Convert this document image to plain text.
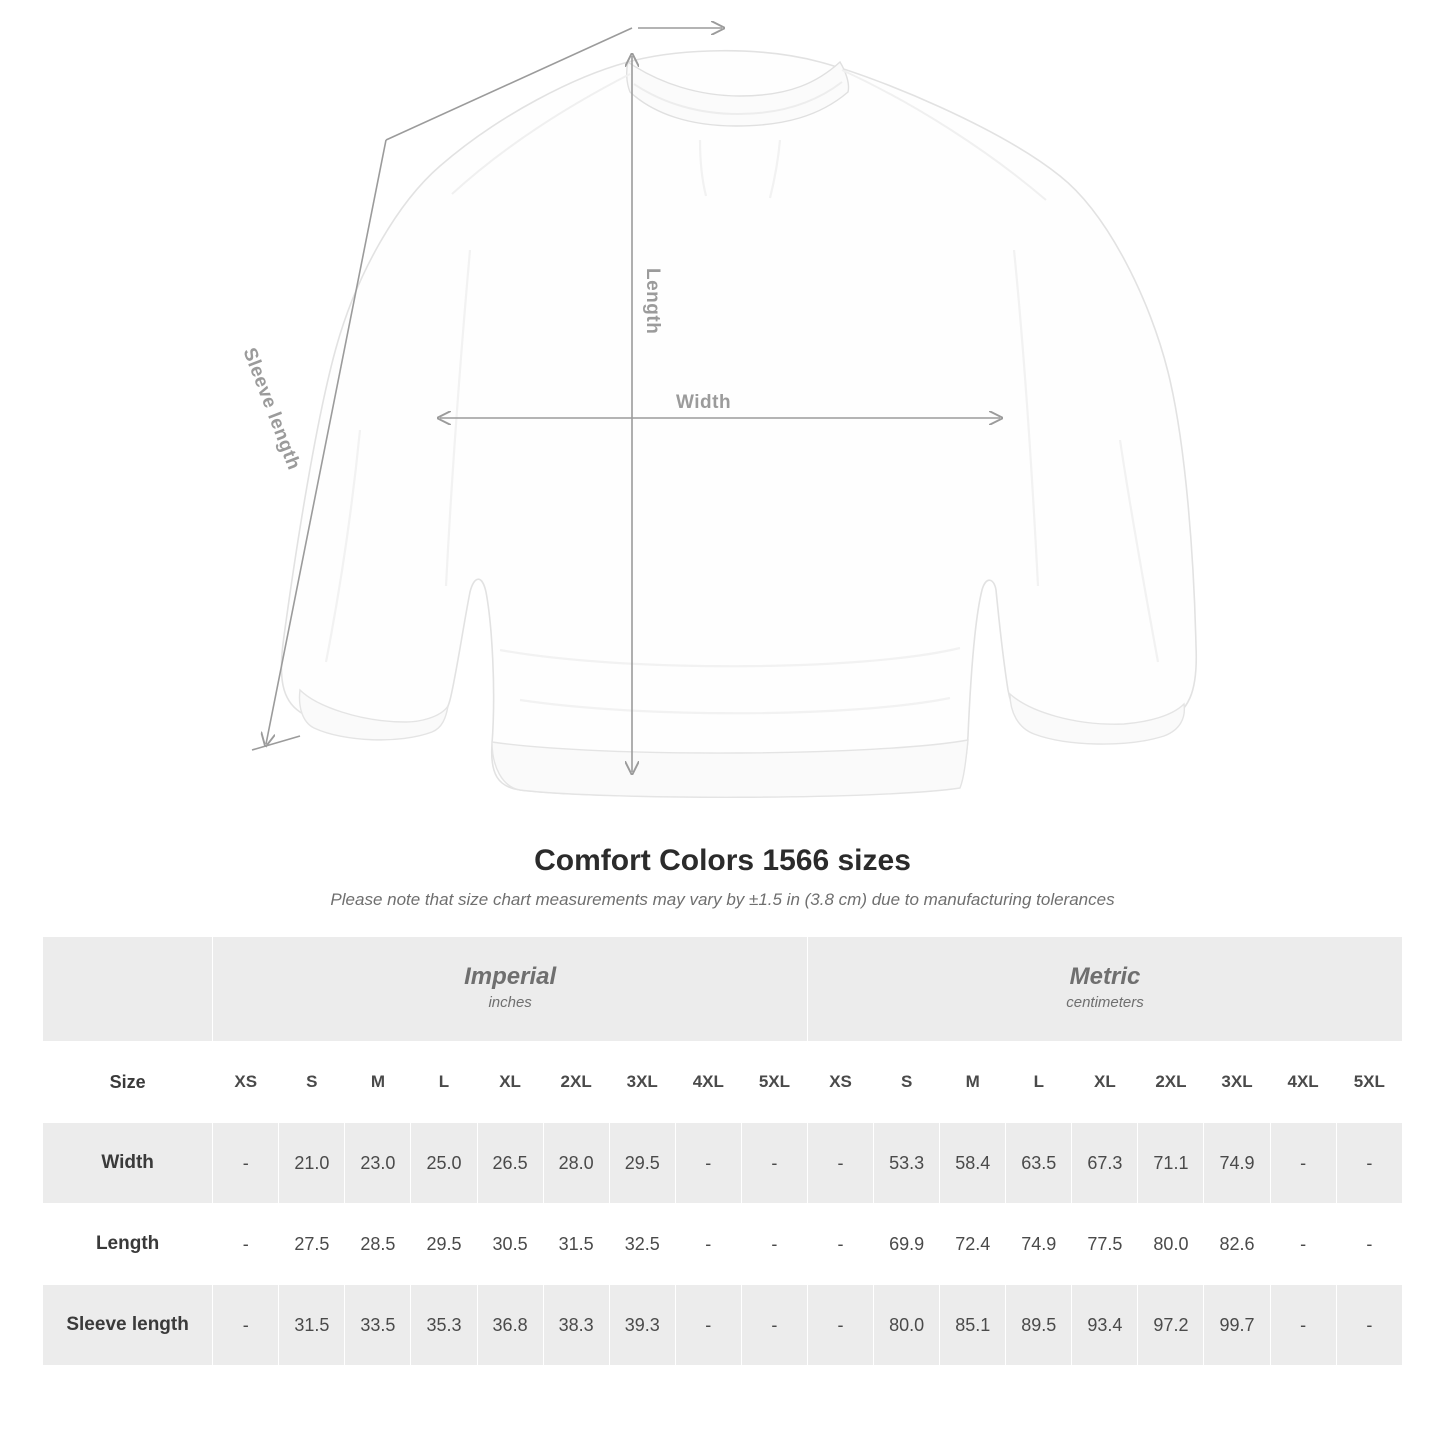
Length
Width
Sleeve length
Comfort Colors 1566 sizes

Please note that size chart measurements may vary by ±1.5 in (3.8 cm) due to manufacturing tolerances

Imperial
inches

Metric
centimeters

Size	XS	S	M	L	XL	2XL	3XL	4XL	5XL	XS	S	M	L	XL	2XL	3XL	4XL	5XL
Width	-	21.0	23.0	25.0	26.5	28.0	29.5	-	-	-	53.3	58.4	63.5	67.3	71.1	74.9	-	-
Length	-	27.5	28.5	29.5	30.5	31.5	32.5	-	-	-	69.9	72.4	74.9	77.5	80.0	82.6	-	-
Sleeve length	-	31.5	33.5	35.3	36.8	38.3	39.3	-	-	-	80.0	85.1	89.5	93.4	97.2	99.7	-	-
